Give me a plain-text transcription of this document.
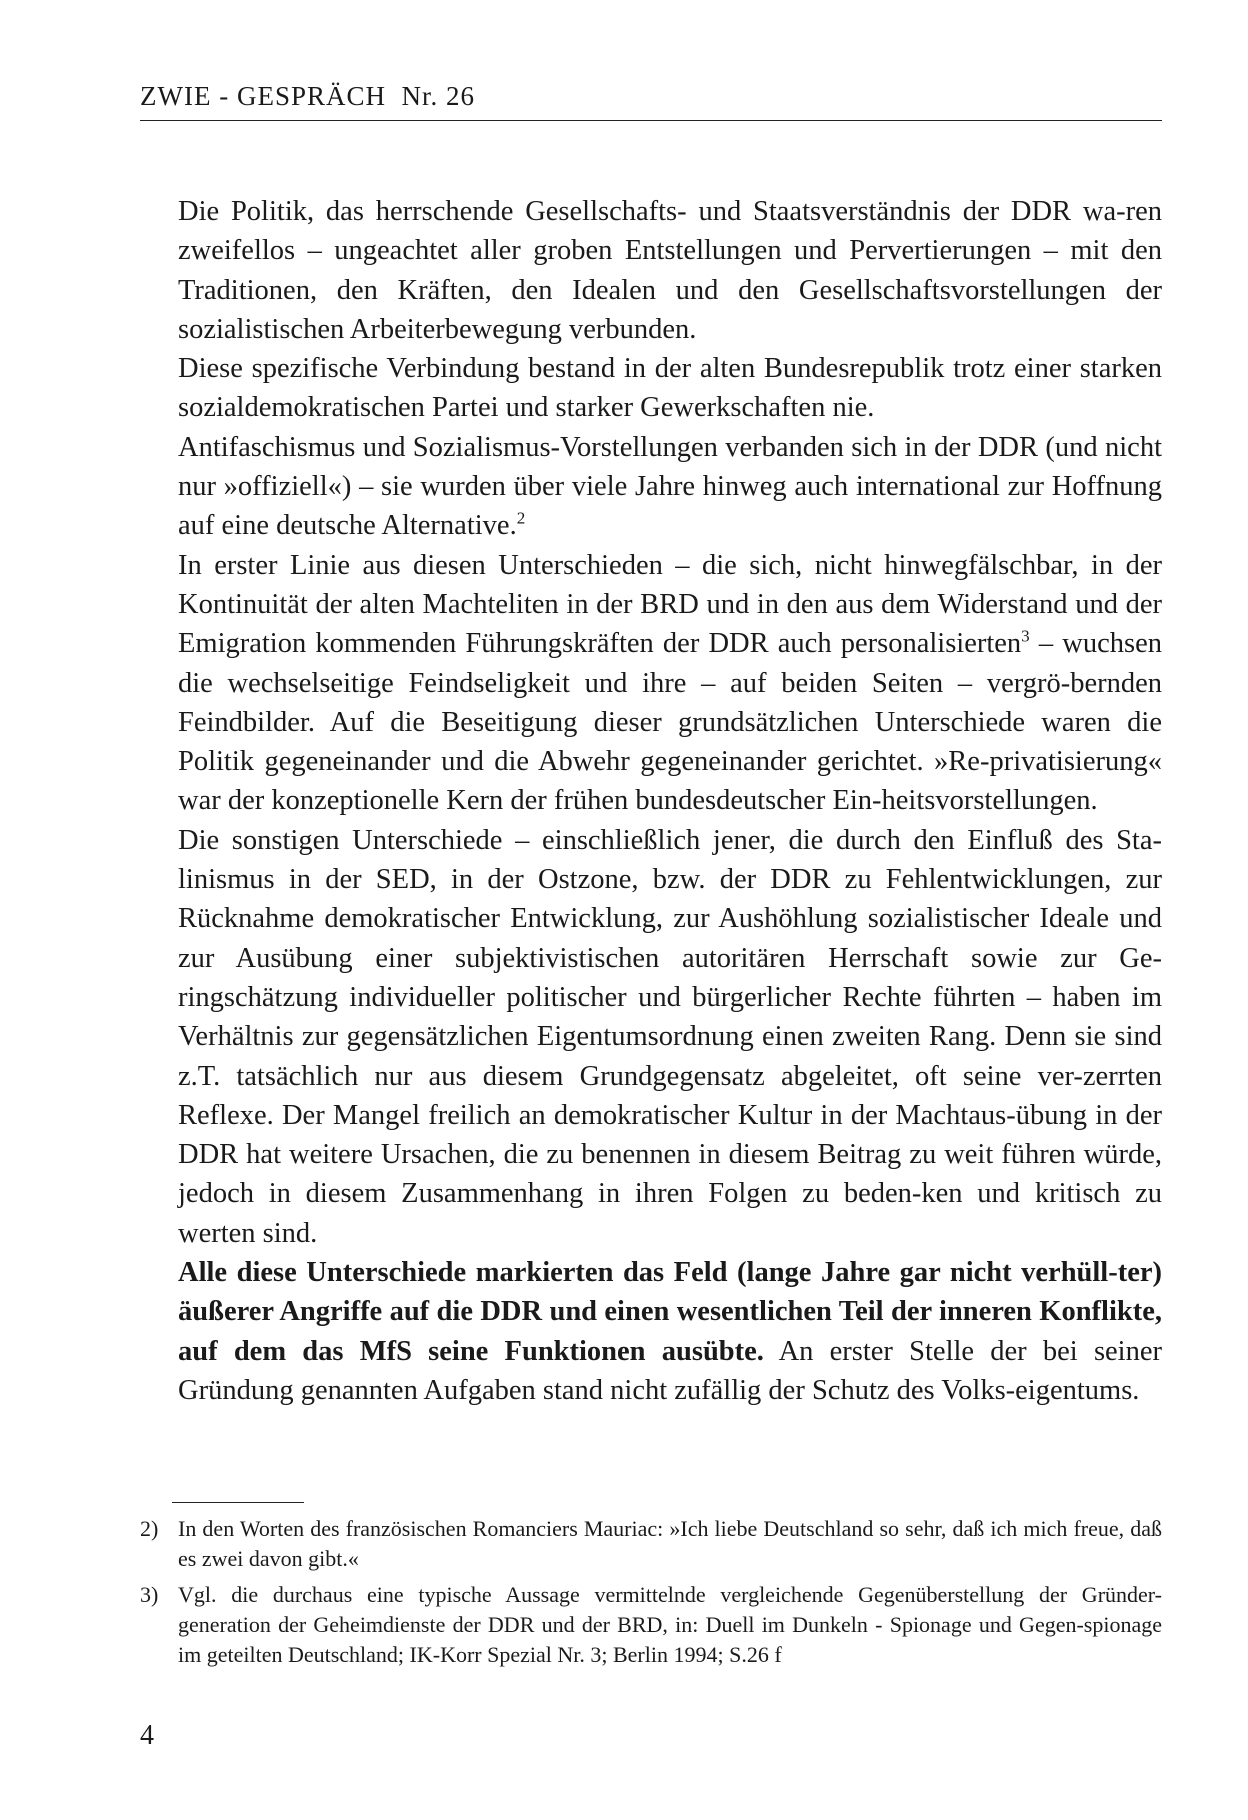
ZWIE - GESPRÄCH  Nr. 26

Die Politik, das herrschende Gesellschafts- und Staatsverständnis der DDR wa-ren zweifellos – ungeachtet aller groben Entstellungen und Pervertierungen – mit den Traditionen, den Kräften, den Idealen und den Gesellschaftsvorstellungen der sozialistischen Arbeiterbewegung verbunden.

Diese spezifische Verbindung bestand in der alten Bundesrepublik trotz einer starken sozialdemokratischen Partei und starker Gewerkschaften nie.

Antifaschismus und Sozialismus-Vorstellungen verbanden sich in der DDR (und nicht nur »offiziell«) – sie wurden über viele Jahre hinweg auch international zur Hoffnung auf eine deutsche Alternative.$^2$

In erster Linie aus diesen Unterschieden – die sich, nicht hinwegfälschbar, in der Kontinuität der alten Machteliten in der BRD und in den aus dem Widerstand und der Emigration kommenden Führungskräften der DDR auch personalisierten$^3$ – wuchsen die wechselseitige Feindseligkeit und ihre – auf beiden Seiten – vergrö-bernden Feindbilder. Auf die Beseitigung dieser grundsätzlichen Unterschiede waren die Politik gegeneinander und die Abwehr gegeneinander gerichtet. »Re-privatisierung« war der konzeptionelle Kern der frühen bundesdeutscher Ein-heitsvorstellungen.

Die sonstigen Unterschiede – einschließlich jener, die durch den Einfluß des Sta-linismus in der SED, in der Ostzone, bzw. der DDR zu Fehlentwicklungen, zur Rücknahme demokratischer Entwicklung, zur Aushöhlung sozialistischer Ideale und zur Ausübung einer subjektivistischen autoritären Herrschaft sowie zur Ge-ringschätzung individueller politischer und bürgerlicher Rechte führten – haben im Verhältnis zur gegensätzlichen Eigentumsordnung einen zweiten Rang. Denn sie sind z.T. tatsächlich nur aus diesem Grundgegensatz abgeleitet, oft seine ver-zerrten Reflexe. Der Mangel freilich an demokratischer Kultur in der Machtaus-übung in der DDR hat weitere Ursachen, die zu benennen in diesem Beitrag zu weit führen würde, jedoch in diesem Zusammenhang in ihren Folgen zu beden-ken und kritisch zu werten sind.

Alle diese Unterschiede markierten das Feld (lange Jahre gar nicht verhüll-ter) äußerer Angriffe auf die DDR und einen wesentlichen Teil der inneren Konflikte, auf dem das MfS seine Funktionen ausübte. An erster Stelle der bei seiner Gründung genannten Aufgaben stand nicht zufällig der Schutz des Volks-eigentums.

2) In den Worten des französischen Romanciers Mauriac: »Ich liebe Deutschland so sehr, daß ich mich freue, daß es zwei davon gibt.«
3) Vgl. die durchaus eine typische Aussage vermittelnde vergleichende Gegenüberstellung der Gründer-generation der Geheimdienste der DDR und der BRD, in: Duell im Dunkeln - Spionage und Gegen-spionage im geteilten Deutschland; IK-Korr Spezial Nr. 3; Berlin 1994; S.26 f
4
